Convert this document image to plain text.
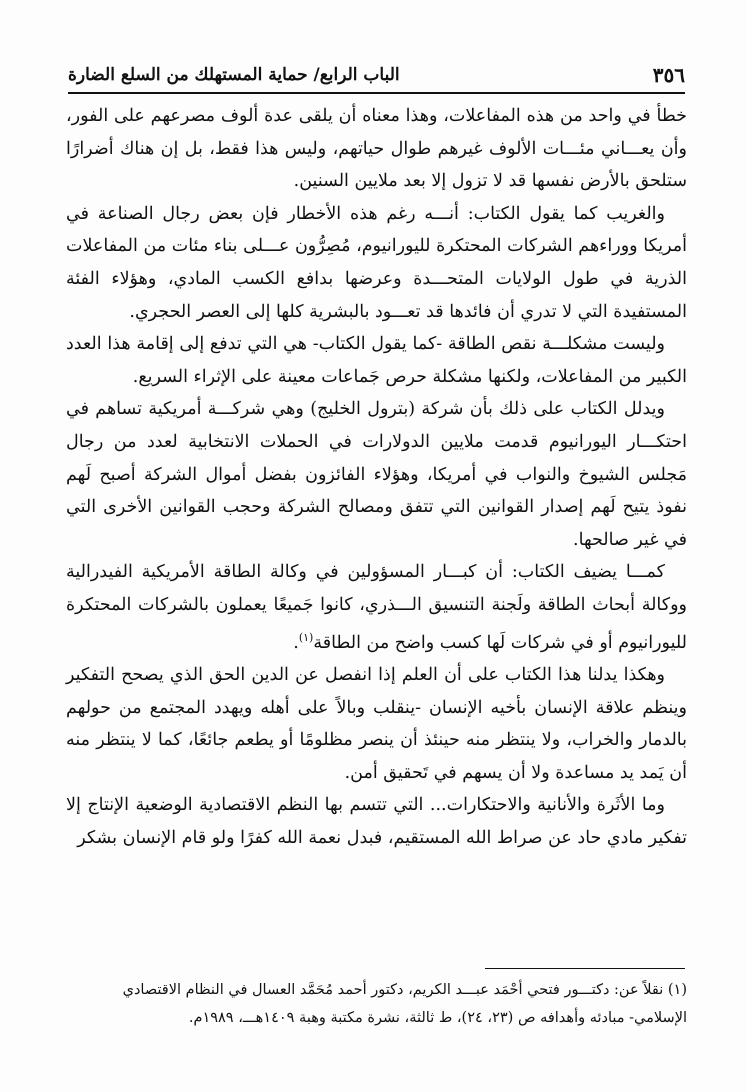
٣٥٦
الباب الرابع/ حماية المستهلك من السلع الضارة

خطأ في واحد من هذه المفاعلات، وهذا معناه أن يلقى عدة ألوف مصرعهم على الفور، وأن يعـــاني مئـــات الألوف غيرهم طوال حياتهم، وليس هذا فقط، بل إن هناك أضرارًا ستلحق بالأرض نفسها قد لا تزول إلا بعد ملايين السنين.

والغريب كما يقول الكتاب: أنـــه رغم هذه الأخطار فإن بعض رجال الصناعة في أمريكا ووراءهم الشركات المحتكرة لليورانيوم، مُصِرُّون عـــلى بناء مئات من المفاعلات الذرية في طول الولايات المتحـــدة وعرضها بدافع الكسب المادي، وهؤلاء الفئة المستفيدة التي لا تدري أن فائدها قد تعـــود بالبشرية كلها إلى العصر الحجري.

وليست مشكلـــة نقص الطاقة -كما يقول الكتاب- هي التي تدفع إلى إقامة هذا العدد الكبير من المفاعلات، ولكنها مشكلة حرص جَماعات معينة على الإثراء السريع.

ويدلل الكتاب على ذلك بأن شركة (بترول الخليج) وهي شركـــة أمريكية تساهم في احتكـــار اليورانيوم قدمت ملايين الدولارات في الحملات الانتخابية لعدد من رجال مَجلس الشيوخ والنواب في أمريكا، وهؤلاء الفائزون بفضل أموال الشركة أصبح لَهم نفوذ يتيح لَهم إصدار القوانين التي تتفق ومصالح الشركة وحجب القوانين الأخرى التي في غير صالحها.

كمـــا يضيف الكتاب: أن كبـــار المسؤولين في وكالة الطاقة الأمريكية الفيدرالية ووكالة أبحاث الطاقة ولَجنة التنسيق الـــذري، كانوا جَميعًا يعملون بالشركات المحتكرة لليورانيوم أو في شركات لَها كسب واضح من الطاقة$^{(١)}$.

وهكذا يدلنا هذا الكتاب على أن العلم إذا انفصل عن الدين الحق الذي يصحح التفكير وينظم علاقة الإنسان بأخيه الإنسان -ينقلب وبالاً على أهله ويهدد المجتمع من حولهم بالدمار والخراب، ولا ينتظر منه حينئذ أن ينصر مظلومًا أو يطعم جائعًا، كما لا ينتظر منه أن يَمد يد مساعدة ولا أن يسهم في تَحقيق أمن.

وما الأثَرة والأنانية والاحتكارات... التي تتسم بها النظم الاقتصادية الوضعية الإنتاج إلا تفكير مادي حاد عن صراط الله المستقيم، فبدل نعمة الله كفرًا ولو قام الإنسان بشكر

(١) نقلاً عن: دكتـــور فتحي أحْمَد عبـــد الكريم، دكتور أحمد مُحَمَّد العسال في النظام الاقتصادي

الإسلامي- مبادئه وأهدافه ص (٢٣، ٢٤)، ط ثالثة، نشرة مكتبة وهبة ١٤٠٩هـــ، ١٩٨٩م.
